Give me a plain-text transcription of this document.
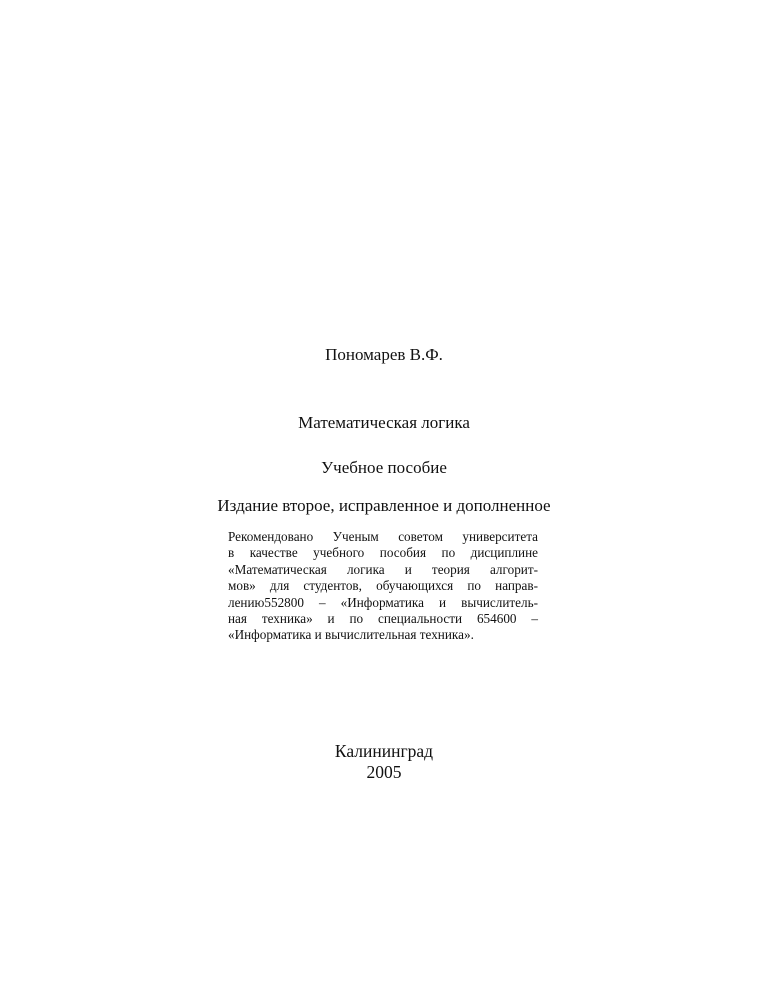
Пономарев В.Ф.
Математическая логика
Учебное пособие
Издание второе, исправленное и дополненное
Рекомендовано Ученым советом университета
в качестве учебного пособия по дисциплине
«Математическая логика и теория алгорит-
мов» для студентов, обучающихся по направ-
лению552800 – «Информатика и вычислитель-
ная техника» и по специальности 654600 –
«Информатика и вычислительная техника».
Калининград
2005
